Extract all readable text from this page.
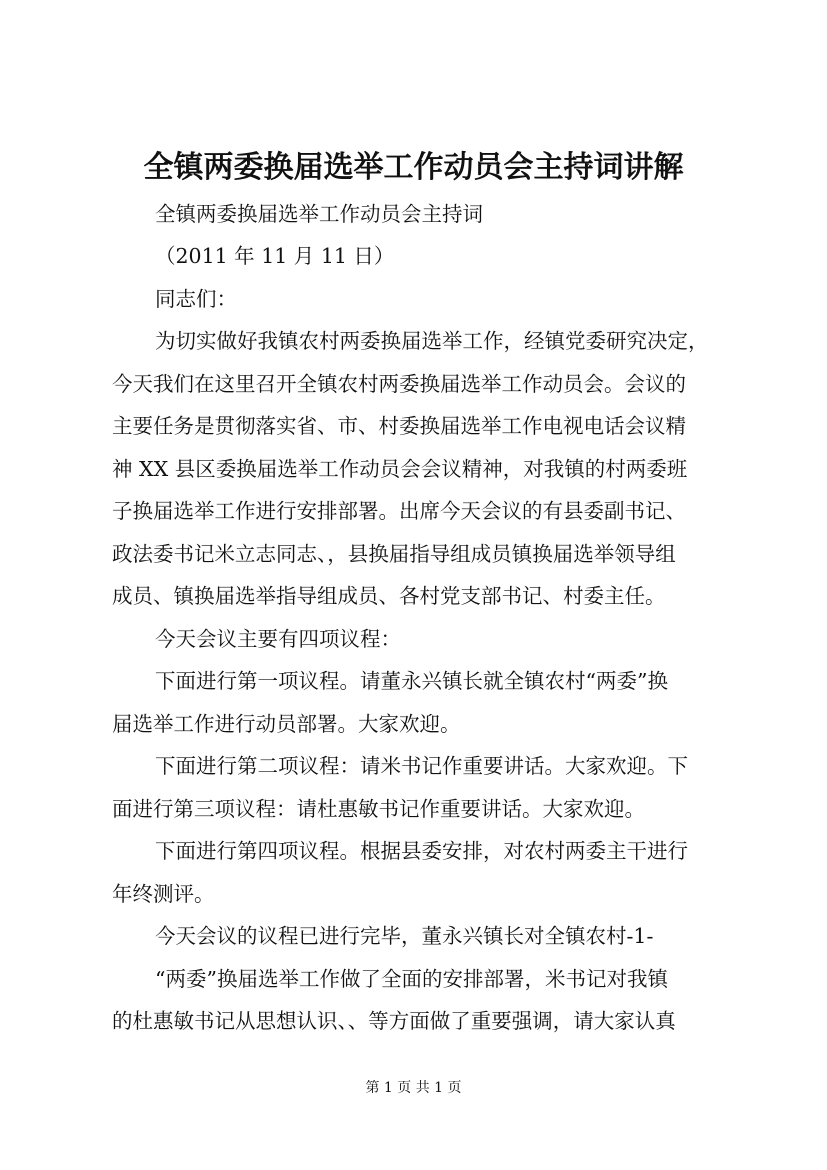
全镇两委换届选举工作动员会主持词讲解
全镇两委换届选举工作动员会主持词
（2011 年 11 月 11 日）
同志们：
为切实做好我镇农村两委换届选举工作，经镇党委研究决定，
今天我们在这里召开全镇农村两委换届选举工作动员会。会议的
主要任务是贯彻落实省、市、村委换届选举工作电视电话会议精
神 XX 县区委换届选举工作动员会会议精神，对我镇的村两委班
子换届选举工作进行安排部署。出席今天会议的有县委副书记、
政法委书记米立志同志、，县换届指导组成员镇换届选举领导组
成员、镇换届选举指导组成员、各村党支部书记、村委主任。
今天会议主要有四项议程：
下面进行第一项议程。请董永兴镇长就全镇农村“两委”换
届选举工作进行动员部署。大家欢迎。
下面进行第二项议程：请米书记作重要讲话。大家欢迎。下
面进行第三项议程：请杜惠敏书记作重要讲话。大家欢迎。
下面进行第四项议程。根据县委安排，对农村两委主干进行
年终测评。
今天会议的议程已进行完毕，董永兴镇长对全镇农村-1-
“两委”换届选举工作做了全面的安排部署，米书记对我镇
的杜惠敏书记从思想认识、、等方面做了重要强调，请大家认真
第 1 页 共 1 页
